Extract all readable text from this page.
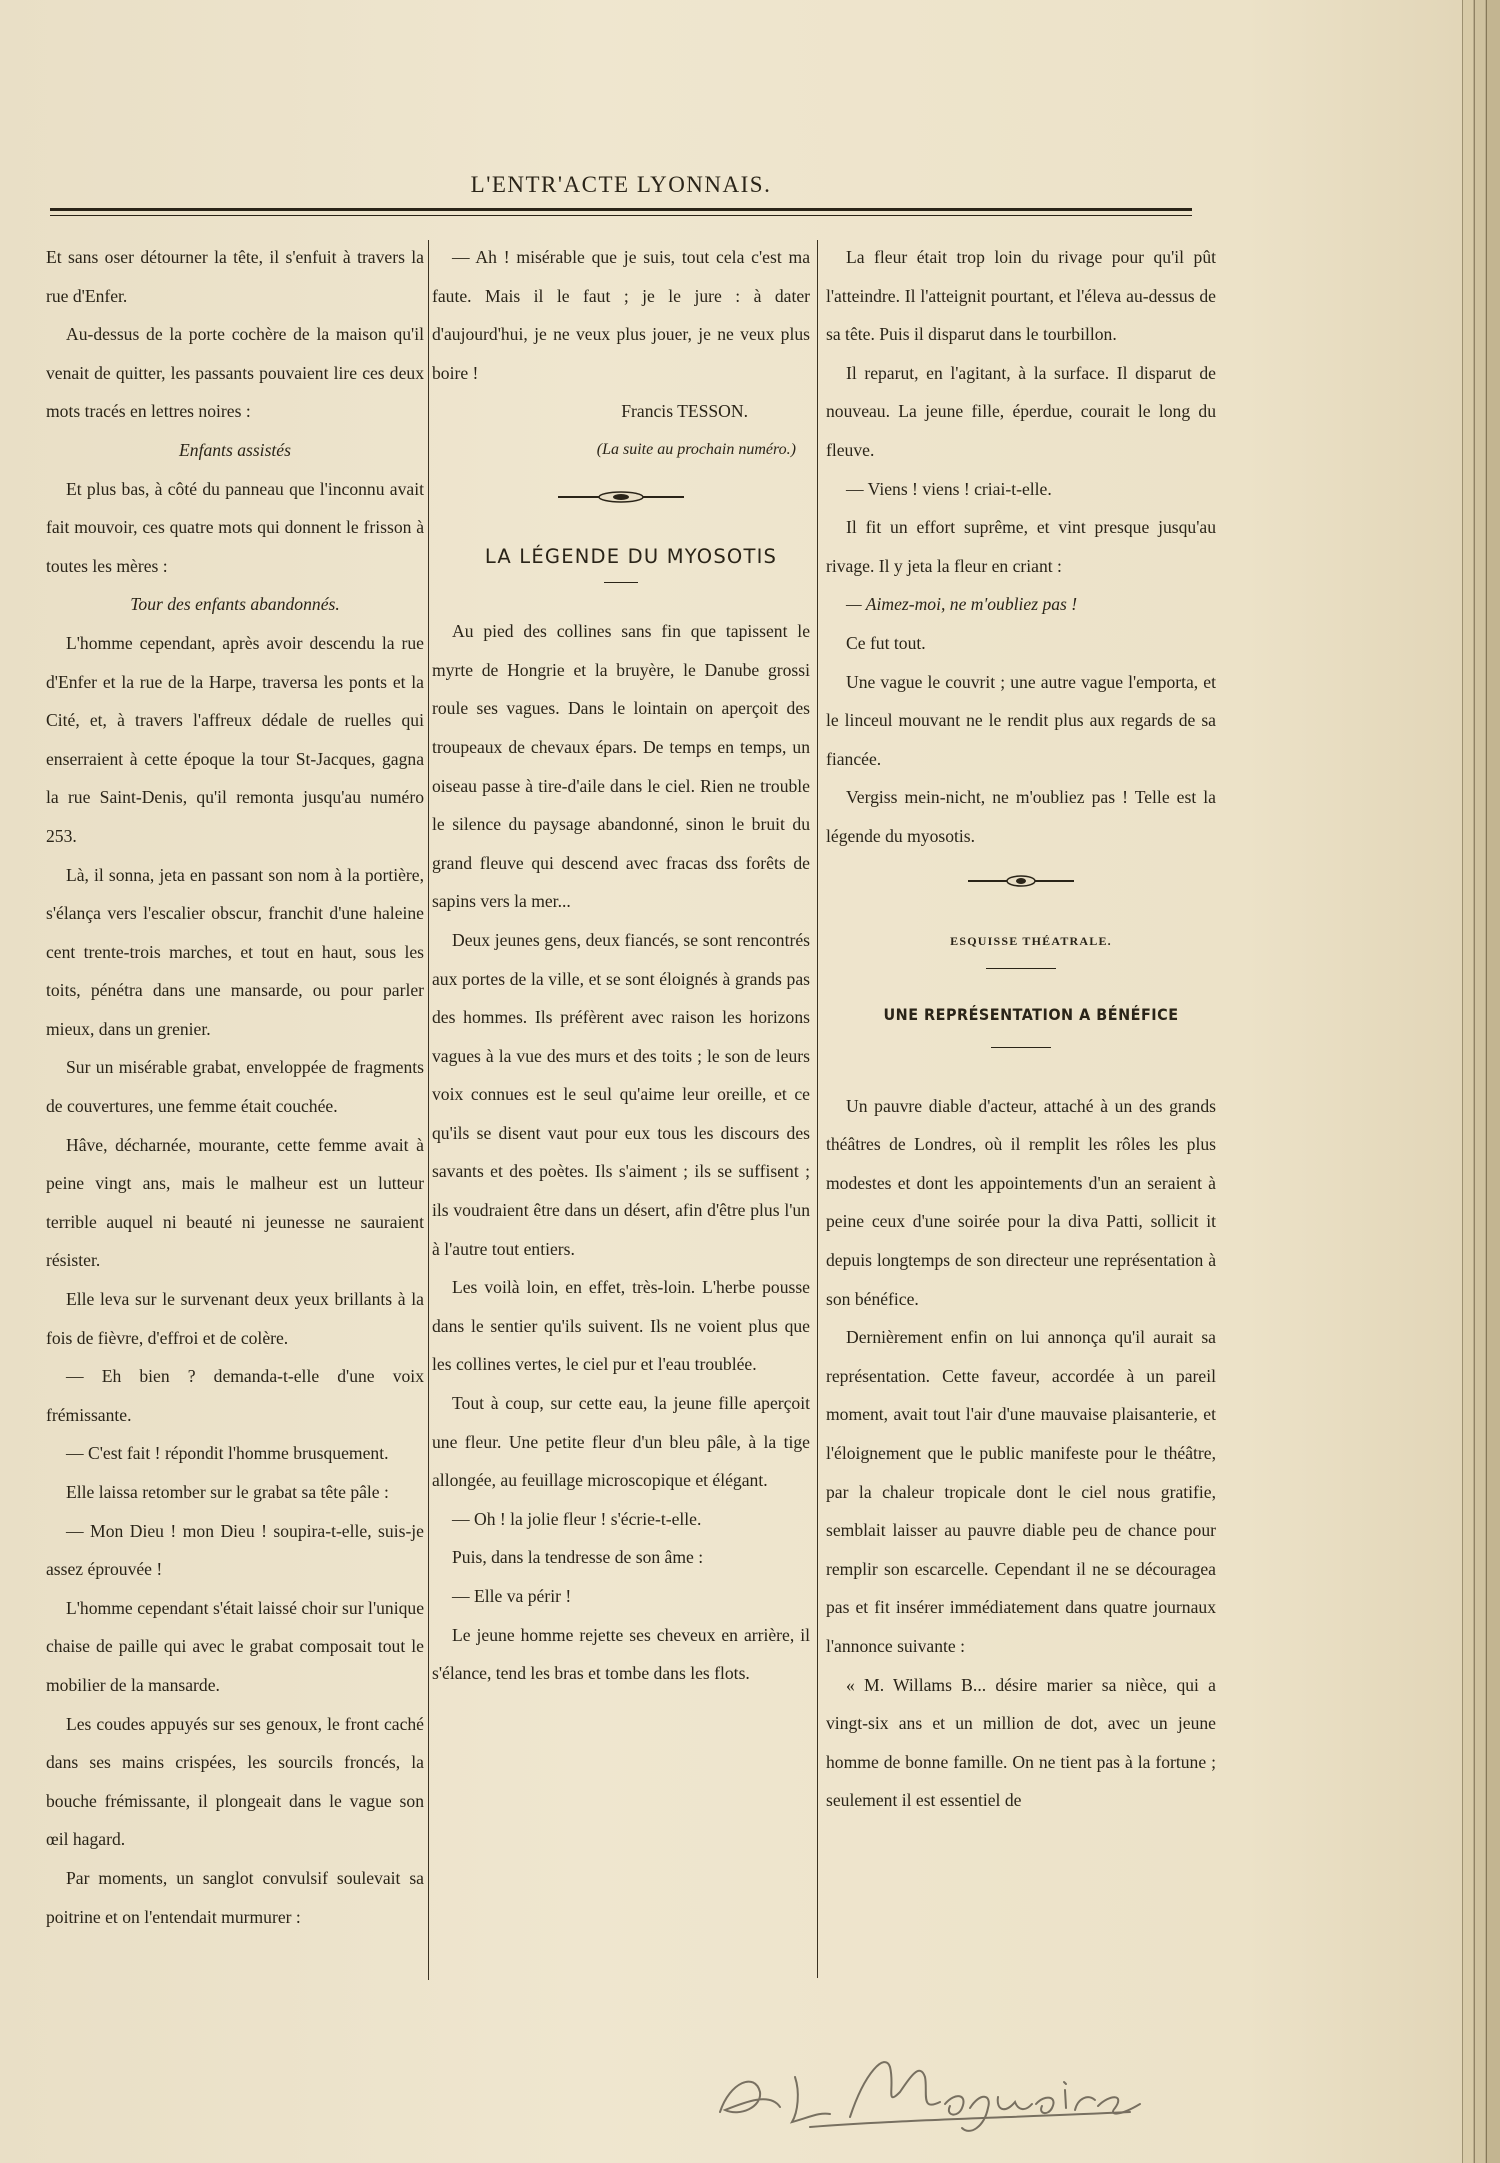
L'ENTR'ACTE LYONNAIS.

Et sans oser détourner la tête, il s'enfuit à travers la rue d'Enfer.

Au-dessus de la porte cochère de la maison qu'il venait de quitter, les passants pouvaient lire ces deux mots tracés en lettres noires :

Enfants assistés

Et plus bas, à côté du panneau que l'inconnu avait fait mouvoir, ces quatre mots qui donnent le frisson à toutes les mères :

Tour des enfants abandonnés.

L'homme cependant, après avoir descendu la rue d'Enfer et la rue de la Harpe, traversa les ponts et la Cité, et, à travers l'affreux dédale de ruelles qui enserraient à cette époque la tour St-Jacques, gagna la rue Saint-Denis, qu'il remonta jusqu'au numéro 253.

Là, il sonna, jeta en passant son nom à la portière, s'élança vers l'escalier obscur, franchit d'une haleine cent trente-trois marches, et tout en haut, sous les toits, pénétra dans une mansarde, ou pour parler mieux, dans un grenier.

Sur un misérable grabat, enveloppée de fragments de couvertures, une femme était couchée.

Hâve, décharnée, mourante, cette femme avait à peine vingt ans, mais le malheur est un lutteur terrible auquel ni beauté ni jeunesse ne sauraient résister.

Elle leva sur le survenant deux yeux brillants à la fois de fièvre, d'effroi et de colère.

— Eh bien ? demanda-t-elle d'une voix frémissante.

— C'est fait ! répondit l'homme brusquement.

Elle laissa retomber sur le grabat sa tête pâle :

— Mon Dieu ! mon Dieu ! soupira-t-elle, suis-je assez éprouvée !

L'homme cependant s'était laissé choir sur l'unique chaise de paille qui avec le grabat composait tout le mobilier de la mansarde.

Les coudes appuyés sur ses genoux, le front caché dans ses mains crispées, les sourcils froncés, la bouche frémissante, il plongeait dans le vague son œil hagard.

Par moments, un sanglot convulsif soulevait sa poitrine et on l'entendait murmurer :

— Ah ! misérable que je suis, tout cela c'est ma faute. Mais il le faut ; je le jure : à dater d'aujourd'hui, je ne veux plus jouer, je ne veux plus boire !

Francis TESSON.

(La suite au prochain numéro.)

LA LÉGENDE DU MYOSOTIS

Au pied des collines sans fin que tapissent le myrte de Hongrie et la bruyère, le Danube grossi roule ses vagues. Dans le lointain on aperçoit des troupeaux de chevaux épars. De temps en temps, un oiseau passe à tire-d'aile dans le ciel. Rien ne trouble le silence du paysage abandonné, sinon le bruit du grand fleuve qui descend avec fracas dss forêts de sapins vers la mer...

Deux jeunes gens, deux fiancés, se sont rencontrés aux portes de la ville, et se sont éloignés à grands pas des hommes. Ils préfèrent avec raison les horizons vagues à la vue des murs et des toits ; le son de leurs voix connues est le seul qu'aime leur oreille, et ce qu'ils se disent vaut pour eux tous les discours des savants et des poètes. Ils s'aiment ; ils se suffisent ; ils voudraient être dans un désert, afin d'être plus l'un à l'autre tout entiers.

Les voilà loin, en effet, très-loin. L'herbe pousse dans le sentier qu'ils suivent. Ils ne voient plus que les collines vertes, le ciel pur et l'eau troublée.

Tout à coup, sur cette eau, la jeune fille aperçoit une fleur. Une petite fleur d'un bleu pâle, à la tige allongée, au feuillage microscopique et élégant.

— Oh ! la jolie fleur ! s'écrie-t-elle.

Puis, dans la tendresse de son âme :

— Elle va périr !

Le jeune homme rejette ses cheveux en arrière, il s'élance, tend les bras et tombe dans les flots.

La fleur était trop loin du rivage pour qu'il pût l'atteindre. Il l'atteignit pourtant, et l'éleva au-dessus de sa tête. Puis il disparut dans le tourbillon.

Il reparut, en l'agitant, à la surface. Il disparut de nouveau. La jeune fille, éperdue, courait le long du fleuve.

— Viens ! viens ! criai-t-elle.

Il fit un effort suprême, et vint presque jusqu'au rivage. Il y jeta la fleur en criant :

— Aimez-moi, ne m'oubliez pas !

Ce fut tout.

Une vague le couvrit ; une autre vague l'emporta, et le linceul mouvant ne le rendit plus aux regards de sa fiancée.

Vergiss mein-nicht, ne m'oubliez pas ! Telle est la légende du myosotis.

ESQUISSE THÉATRALE.

UNE REPRÉSENTATION A BÉNÉFICE

Un pauvre diable d'acteur, attaché à un des grands théâtres de Londres, où il remplit les rôles les plus modestes et dont les appointements d'un an seraient à peine ceux d'une soirée pour la diva Patti, sollicit it depuis longtemps de son directeur une représentation à son bénéfice.

Dernièrement enfin on lui annonça qu'il aurait sa représentation. Cette faveur, accordée à un pareil moment, avait tout l'air d'une mauvaise plaisanterie, et l'éloignement que le public manifeste pour le théâtre, par la chaleur tropicale dont le ciel nous gratifie, semblait laisser au pauvre diable peu de chance pour remplir son escarcelle. Cependant il ne se découragea pas et fit insérer immédiatement dans quatre journaux l'annonce suivante :

« M. Willams B... désire marier sa nièce, qui a vingt-six ans et un million de dot, avec un jeune homme de bonne famille. On ne tient pas à la fortune ; seulement il est essentiel de
